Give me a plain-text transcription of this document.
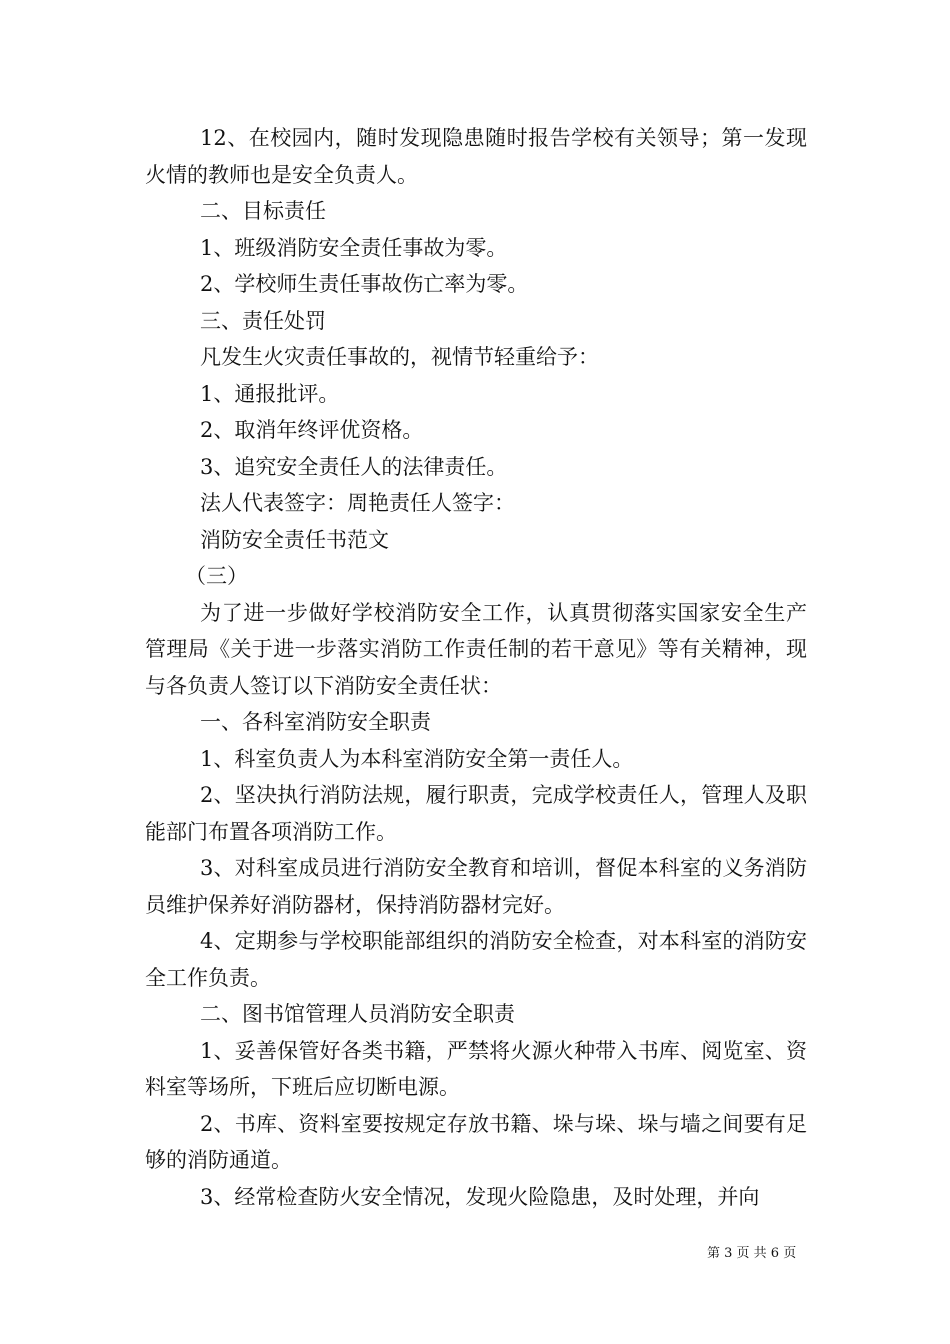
12、在校园内，随时发现隐患随时报告学校有关领导；第一发现火情的教师也是安全负责人。

二、目标责任

1、班级消防安全责任事故为零。

2、学校师生责任事故伤亡率为零。

三、责任处罚

凡发生火灾责任事故的，视情节轻重给予：

1、通报批评。

2、取消年终评优资格。

3、追究安全责任人的法律责任。

法人代表签字：周艳责任人签字：

消防安全责任书范文

（三）

为了进一步做好学校消防安全工作，认真贯彻落实国家安全生产管理局《关于进一步落实消防工作责任制的若干意见》等有关精神，现与各负责人签订以下消防安全责任状：

一、各科室消防安全职责

1、科室负责人为本科室消防安全第一责任人。

2、坚决执行消防法规，履行职责，完成学校责任人，管理人及职能部门布置各项消防工作。

3、对科室成员进行消防安全教育和培训，督促本科室的义务消防员维护保养好消防器材，保持消防器材完好。

4、定期参与学校职能部组织的消防安全检查，对本科室的消防安全工作负责。

二、图书馆管理人员消防安全职责

1、妥善保管好各类书籍，严禁将火源火种带入书库、阅览室、资料室等场所，下班后应切断电源。

2、书库、资料室要按规定存放书籍、垛与垛、垛与墙之间要有足够的消防通道。

3、经常检查防火安全情况，发现火险隐患，及时处理，并向

第 3 页 共 6 页
